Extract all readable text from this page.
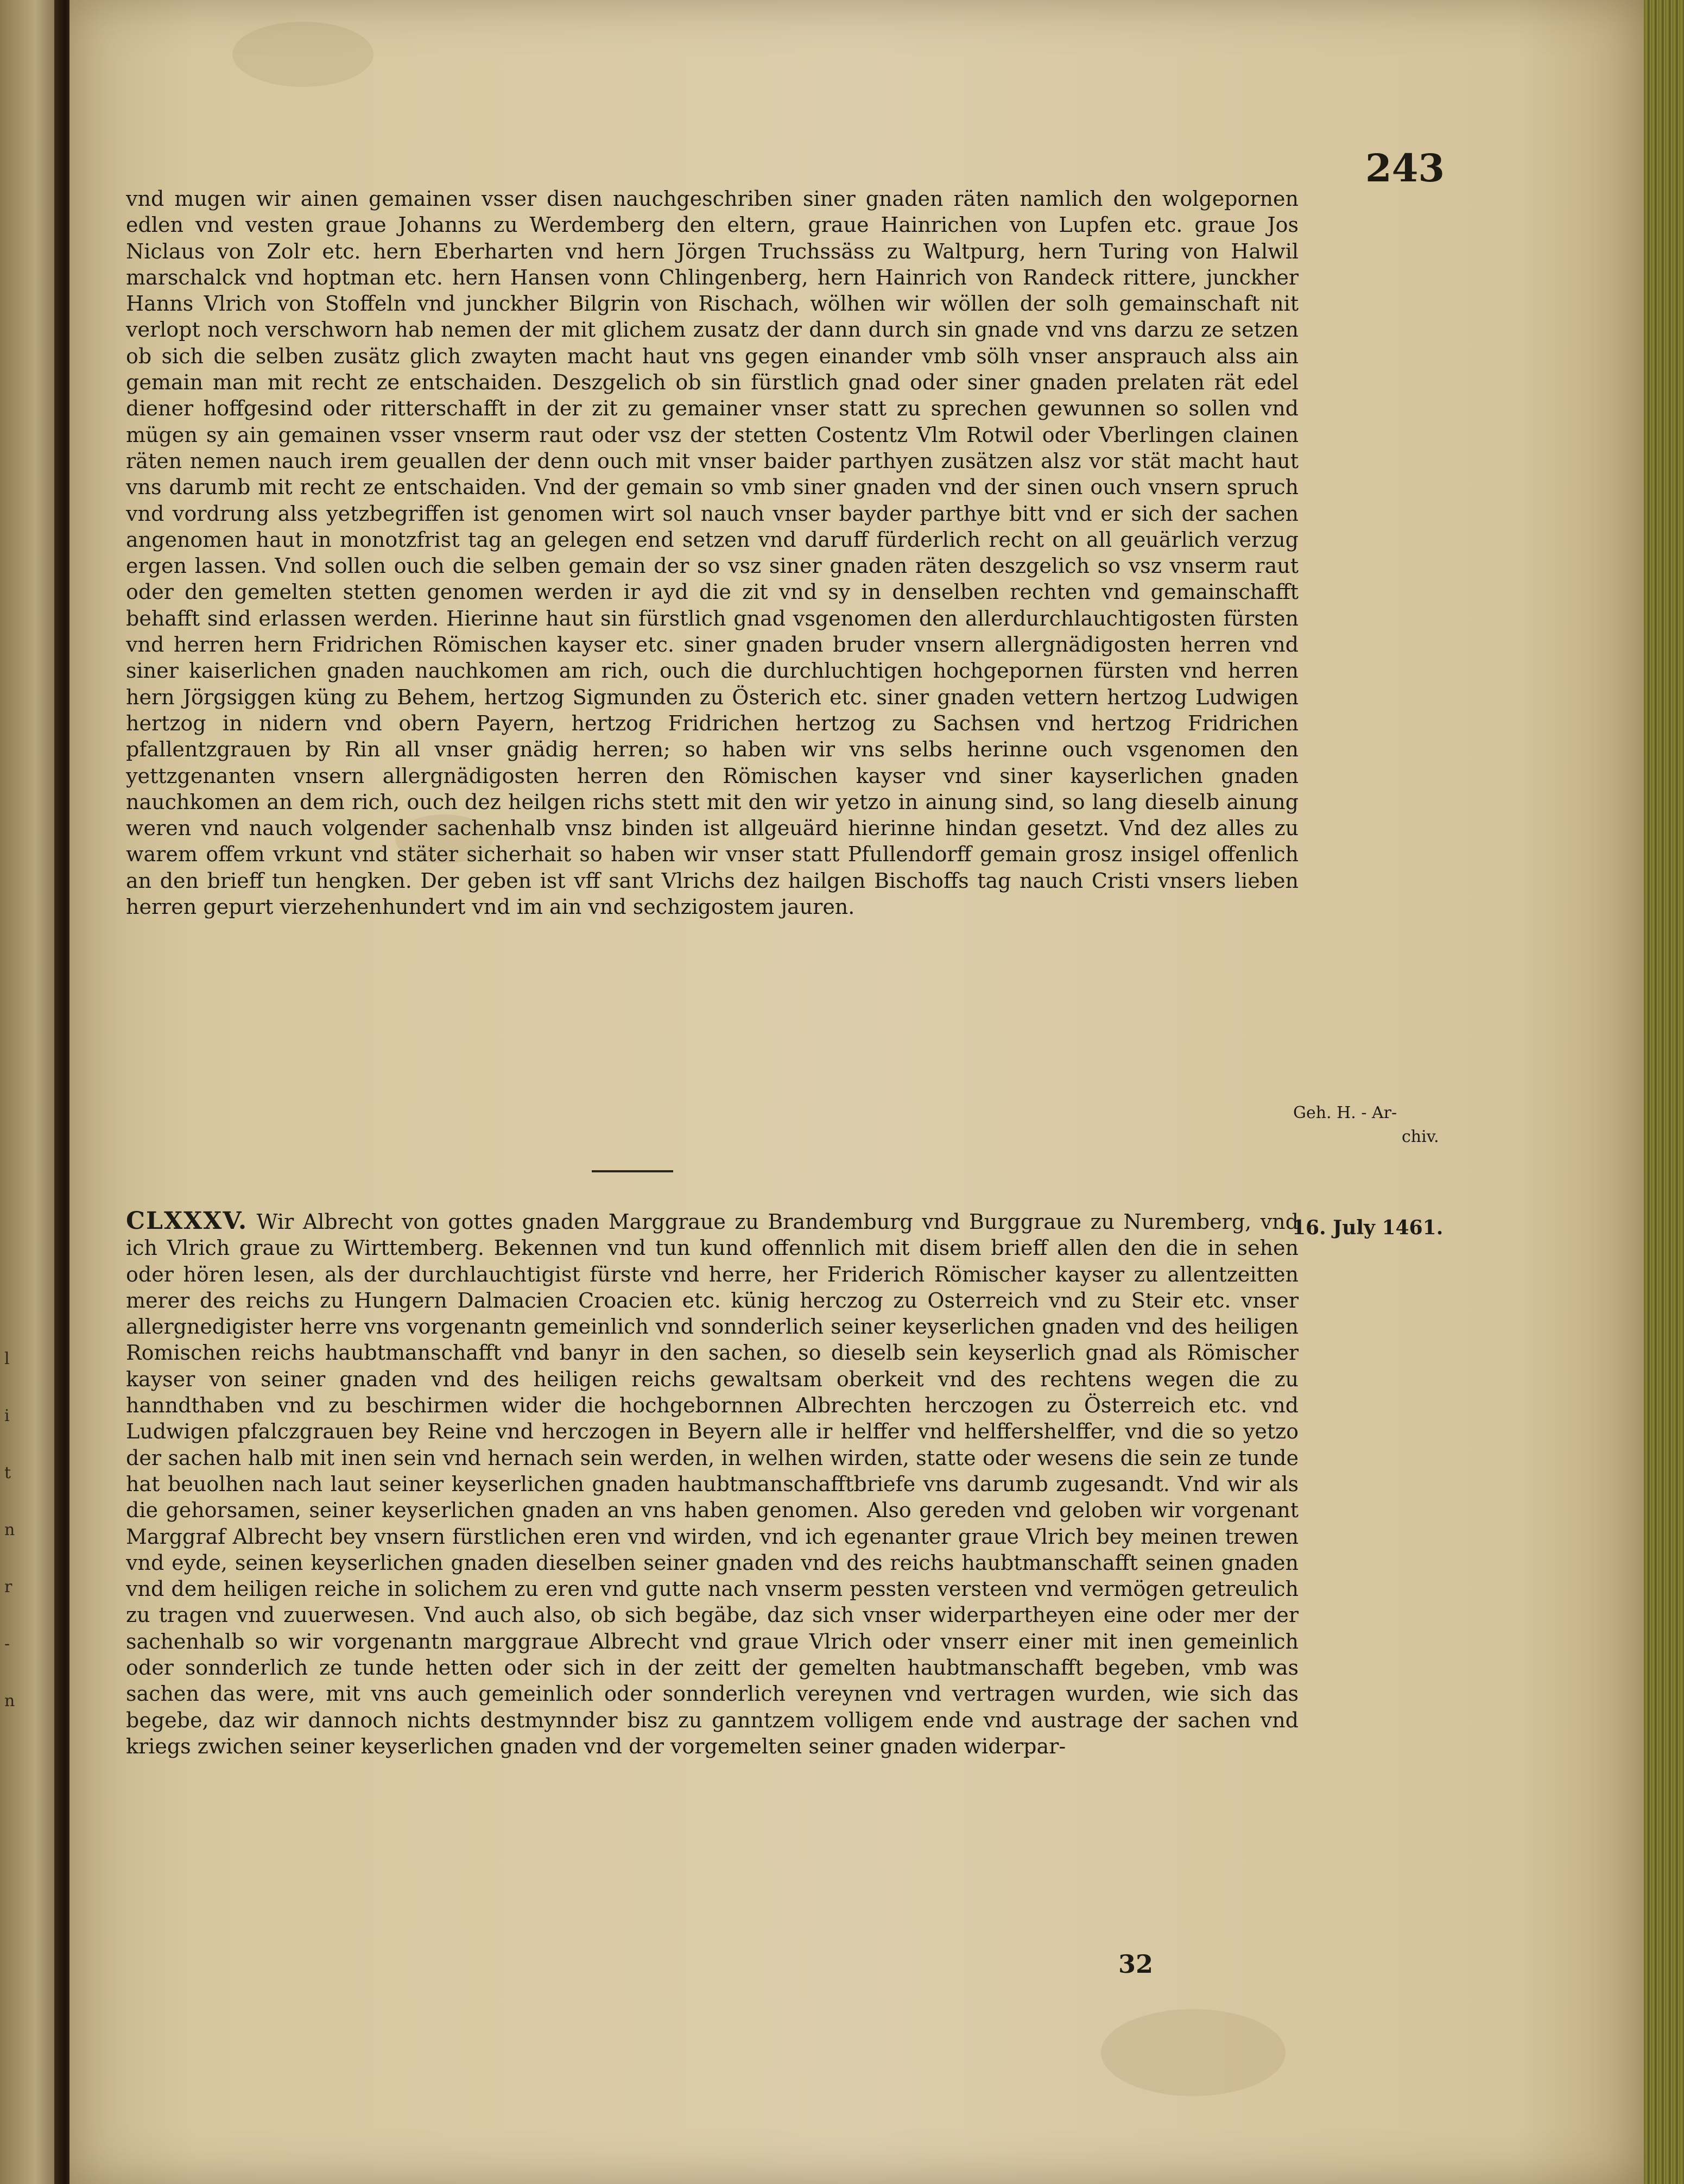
l
i
t
n
r
-
n
243

vnd mugen wir ainen gemainen vsser disen nauchgeschriben siner gnaden räten namlich den wolgepornen edlen vnd vesten graue Johanns zu Werdemberg den eltern, graue Hainrichen von Lupfen etc. graue Jos Niclaus von Zolr etc. hern Eberharten vnd hern Jörgen Truchssäss zu Waltpurg, hern Turing von Halwil marschalck vnd hoptman etc. hern Hansen vonn Chlingenberg, hern Hainrich von Randeck rittere, junckher Hanns Vlrich von Stoffeln vnd junckher Bilgrin von Rischach, wölhen wir wöllen der solh gemainschaft nit verlopt noch verschworn hab nemen der mit glichem zusatz der dann durch sin gnade vnd vns darzu ze setzen ob sich die selben zusätz glich zwayten macht haut vns gegen einander vmb sölh vnser ansprauch alss ain gemain man mit recht ze entschaiden. Deszgelich ob sin fürstlich gnad oder siner gnaden prelaten rät edel diener hoffgesind oder ritterschafft in der zit zu gemainer vnser statt zu sprechen gewunnen so sollen vnd mügen sy ain gemainen vsser vnserm raut oder vsz der stetten Costentz Vlm Rotwil oder Vberlingen clainen räten nemen nauch irem geuallen der denn ouch mit vnser baider parthyen zusätzen alsz vor stät macht haut vns darumb mit recht ze entschaiden. Vnd der gemain so vmb siner gnaden vnd der sinen ouch vnsern spruch vnd vordrung alss yetzbegriffen ist genomen wirt sol nauch vnser bayder parthye bitt vnd er sich der sachen angenomen haut in monotzfrist tag an gelegen end setzen vnd daruff fürderlich recht on all geuärlich verzug ergen lassen. Vnd sollen ouch die selben gemain der so vsz siner gnaden räten deszgelich so vsz vnserm raut oder den gemelten stetten genomen werden ir ayd die zit vnd sy in denselben rechten vnd gemainschafft behafft sind erlassen werden. Hierinne haut sin fürstlich gnad vsgenomen den allerdurchlauchtigosten fürsten vnd herren hern Fridrichen Römischen kayser etc. siner gnaden bruder vnsern allergnädigosten herren vnd siner kaiserlichen gnaden nauchkomen am rich, ouch die durchluchtigen hochgepornen fürsten vnd herren hern Jörgsiggen küng zu Behem, hertzog Sigmunden zu Österich etc. siner gnaden vettern hertzog Ludwigen hertzog in nidern vnd obern Payern, hertzog Fridrichen hertzog zu Sachsen vnd hertzog Fridrichen pfallentzgrauen by Rin all vnser gnädig herren; so haben wir vns selbs herinne ouch vsgenomen den yettzgenanten vnsern allergnädigosten herren den Römischen kayser vnd siner kayserlichen gnaden nauchkomen an dem rich, ouch dez heilgen richs stett mit den wir yetzo in ainung sind, so lang dieselb ainung weren vnd nauch volgender sachenhalb vnsz binden ist allgeuärd hierinne hindan gesetzt. Vnd dez alles zu warem offem vrkunt vnd stäter sicherhait so haben wir vnser statt Pfullendorff gemain grosz insigel offenlich an den brieff tun hengken. Der geben ist vff sant Vlrichs dez hailgen Bischoffs tag nauch Cristi vnsers lieben herren gepurt vierzehenhundert vnd im ain vnd sechzigostem jauren.

Geh. H. - Ar-
chiv.

16. July 1461.

CLXXXV. Wir Albrecht von gottes gnaden Marggraue zu Brandemburg vnd Burggraue zu Nuremberg, vnd ich Vlrich graue zu Wirttemberg. Bekennen vnd tun kund offennlich mit disem brieff allen den die in sehen oder hören lesen, als der durchlauchtigist fürste vnd herre, her Friderich Römischer kayser zu allentzeitten merer des reichs zu Hungern Dalmacien Croacien etc. künig herczog zu Osterreich vnd zu Steir etc. vnser allergnedigister herre vns vorgenantn gemeinlich vnd sonnderlich seiner keyserlichen gnaden vnd des heiligen Romischen reichs haubtmanschafft vnd banyr in den sachen, so dieselb sein keyserlich gnad als Römischer kayser von seiner gnaden vnd des heiligen reichs gewaltsam oberkeit vnd des rechtens wegen die zu hanndthaben vnd zu beschirmen wider die hochgebornnen Albrechten herczogen zu Österreich etc. vnd Ludwigen pfalczgrauen bey Reine vnd herczogen in Beyern alle ir helffer vnd helffershelffer, vnd die so yetzo der sachen halb mit inen sein vnd hernach sein werden, in welhen wirden, statte oder wesens die sein ze tunde hat beuolhen nach laut seiner keyserlichen gnaden haubtmanschafftbriefe vns darumb zugesandt. Vnd wir als die gehorsamen, seiner keyserlichen gnaden an vns haben genomen. Also gereden vnd geloben wir vorgenant Marggraf Albrecht bey vnsern fürstlichen eren vnd wirden, vnd ich egenanter graue Vlrich bey meinen trewen vnd eyde, seinen keyserlichen gnaden dieselben seiner gnaden vnd des reichs haubtmanschafft seinen gnaden vnd dem heiligen reiche in solichem zu eren vnd gutte nach vnserm pessten versteen vnd vermögen getreulich zu tragen vnd zuuerwesen. Vnd auch also, ob sich begäbe, daz sich vnser widerpartheyen eine oder mer der sachenhalb so wir vorgenantn marggraue Albrecht vnd graue Vlrich oder vnserr einer mit inen gemeinlich oder sonnderlich ze tunde hetten oder sich in der zeitt der gemelten haubtmanschafft begeben, vmb was sachen das were, mit vns auch gemeinlich oder sonnderlich vereynen vnd vertragen wurden, wie sich das begebe, daz wir dannoch nichts destmynnder bisz zu ganntzem volligem ende vnd austrage der sachen vnd kriegs zwichen seiner keyserlichen gnaden vnd der vorgemelten seiner gnaden widerpar-

32
